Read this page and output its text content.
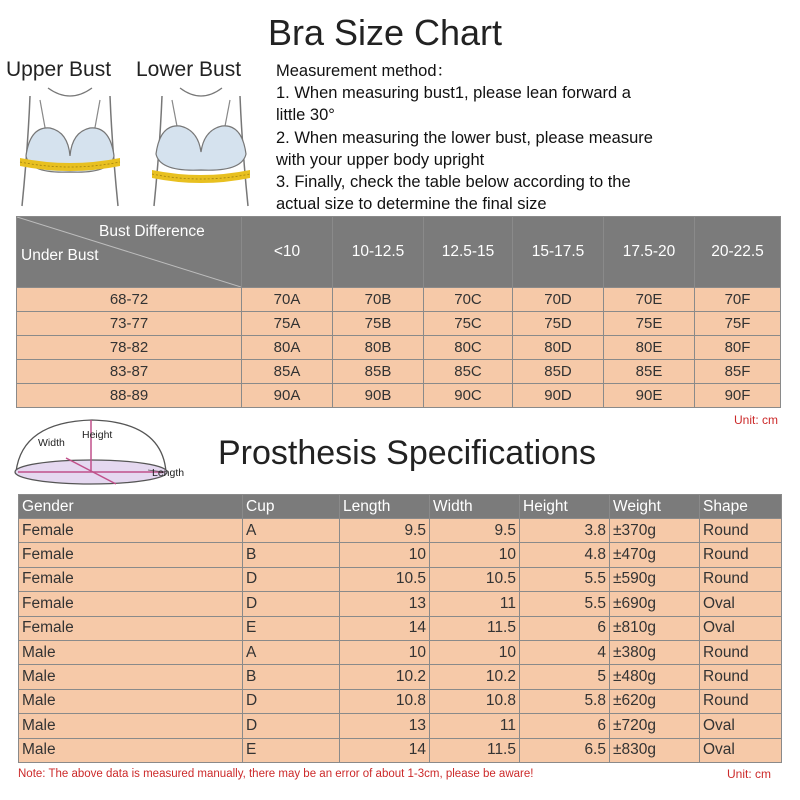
Bra Size Chart
Upper Bust Lower Bust Measurement method：
1. When measuring bust1, please lean forward a
little 30°
2. When measuring the lower bust, please measure
with your upper body upright
3. Finally, check the table below according to the
actual size to determine the final size
Bust Difference
Under Bust	<10	10-12.5	12.5-15	15-17.5	17.5-20	20-22.5
68-72	70A	70B	70C	70D	70E	70F
73-77	75A	75B	75C	75D	75E	75F
78-82	80A	80B	80C	80D	80E	80F
83-87	85A	85B	85C	85D	85E	85F
88-89	90A	90B	90C	90D	90E	90F
Unit: cm
Width
Height
Length
Prosthesis Specifications
Gender	Cup	Length	Width	Height	Weight	Shape
Female	A	9.5	9.5	3.8	±370g	Round
Female	B	10	10	4.8	±470g	Round
Female	D	10.5	10.5	5.5	±590g	Round
Female	D	13	11	5.5	±690g	Oval
Female	E	14	11.5	6	±810g	Oval
Male	A	10	10	4	±380g	Round
Male	B	10.2	10.2	5	±480g	Round
Male	D	10.8	10.8	5.8	±620g	Round
Male	D	13	11	6	±720g	Oval
Male	E	14	11.5	6.5	±830g	Oval
Note: The above data is measured manually, there may be an error of about 1-3cm, please be aware!	Unit: cm
